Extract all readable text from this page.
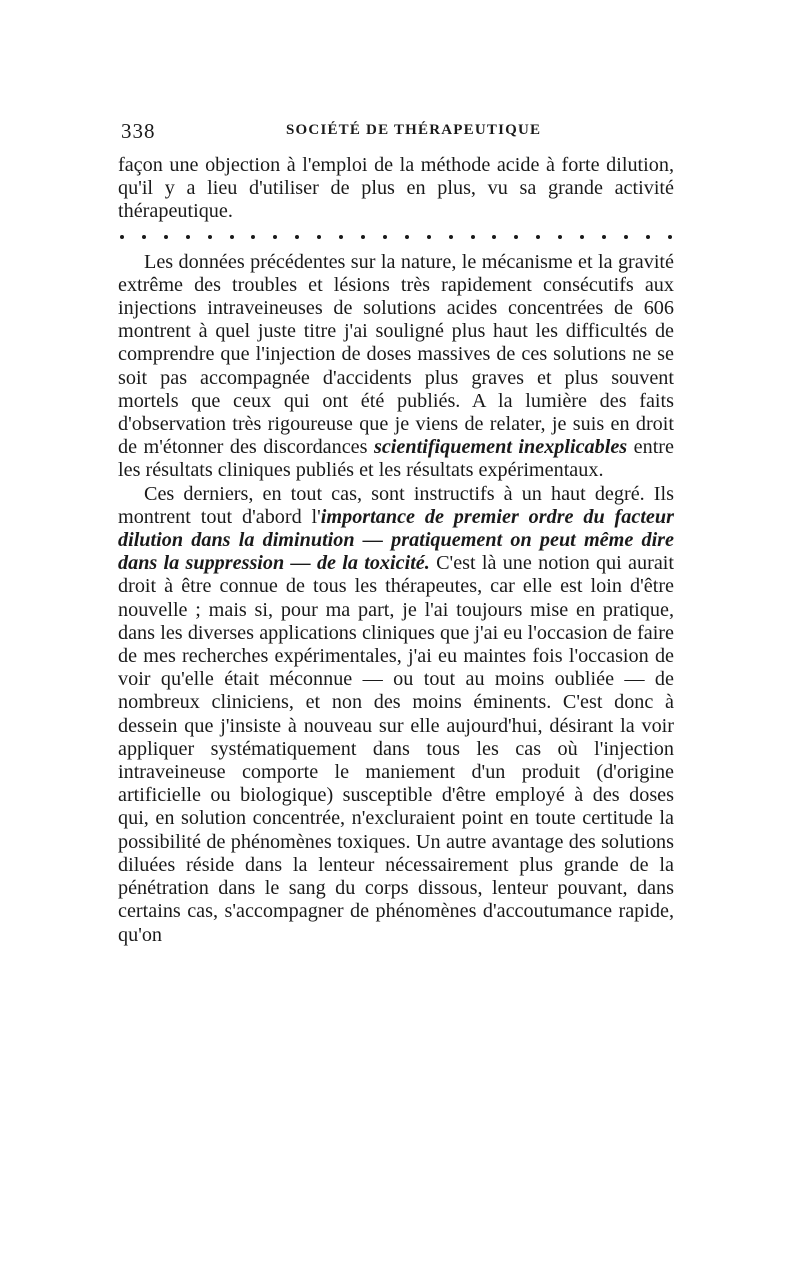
338	SOCIÉTÉ DE THÉRAPEUTIQUE

façon une objection à l'emploi de la méthode acide à forte dilution, qu'il y a lieu d'utiliser de plus en plus, vu sa grande activité thérapeutique.

Les données précédentes sur la nature, le mécanisme et la gravité extrême des troubles et lésions très rapidement consécutifs aux injections intraveineuses de solutions acides concentrées de 606 montrent à quel juste titre j'ai souligné plus haut les difficultés de comprendre que l'injection de doses massives de ces solutions ne se soit pas accompagnée d'accidents plus graves et plus souvent mortels que ceux qui ont été publiés. A la lumière des faits d'observation très rigoureuse que je viens de relater, je suis en droit de m'étonner des discordances scientifiquement inexplicables entre les résultats cliniques publiés et les résultats expérimentaux.

Ces derniers, en tout cas, sont instructifs à un haut degré. Ils montrent tout d'abord l'importance de premier ordre du facteur dilution dans la diminution — pratiquement on peut même dire dans la suppression — de la toxicité. C'est là une notion qui aurait droit à être connue de tous les thérapeutes, car elle est loin d'être nouvelle ; mais si, pour ma part, je l'ai toujours mise en pratique, dans les diverses applications cliniques que j'ai eu l'occasion de faire de mes recherches expérimentales, j'ai eu maintes fois l'occasion de voir qu'elle était méconnue — ou tout au moins oubliée — de nombreux cliniciens, et non des moins éminents. C'est donc à dessein que j'insiste à nouveau sur elle aujourd'hui, désirant la voir appliquer systématiquement dans tous les cas où l'injection intraveineuse comporte le maniement d'un produit (d'origine artificielle ou biologique) susceptible d'être employé à des doses qui, en solution concentrée, n'excluraient point en toute certitude la possibilité de phénomènes toxiques. Un autre avantage des solutions diluées réside dans la lenteur nécessairement plus grande de la pénétration dans le sang du corps dissous, lenteur pouvant, dans certains cas, s'accompagner de phénomènes d'accoutumance rapide, qu'on
